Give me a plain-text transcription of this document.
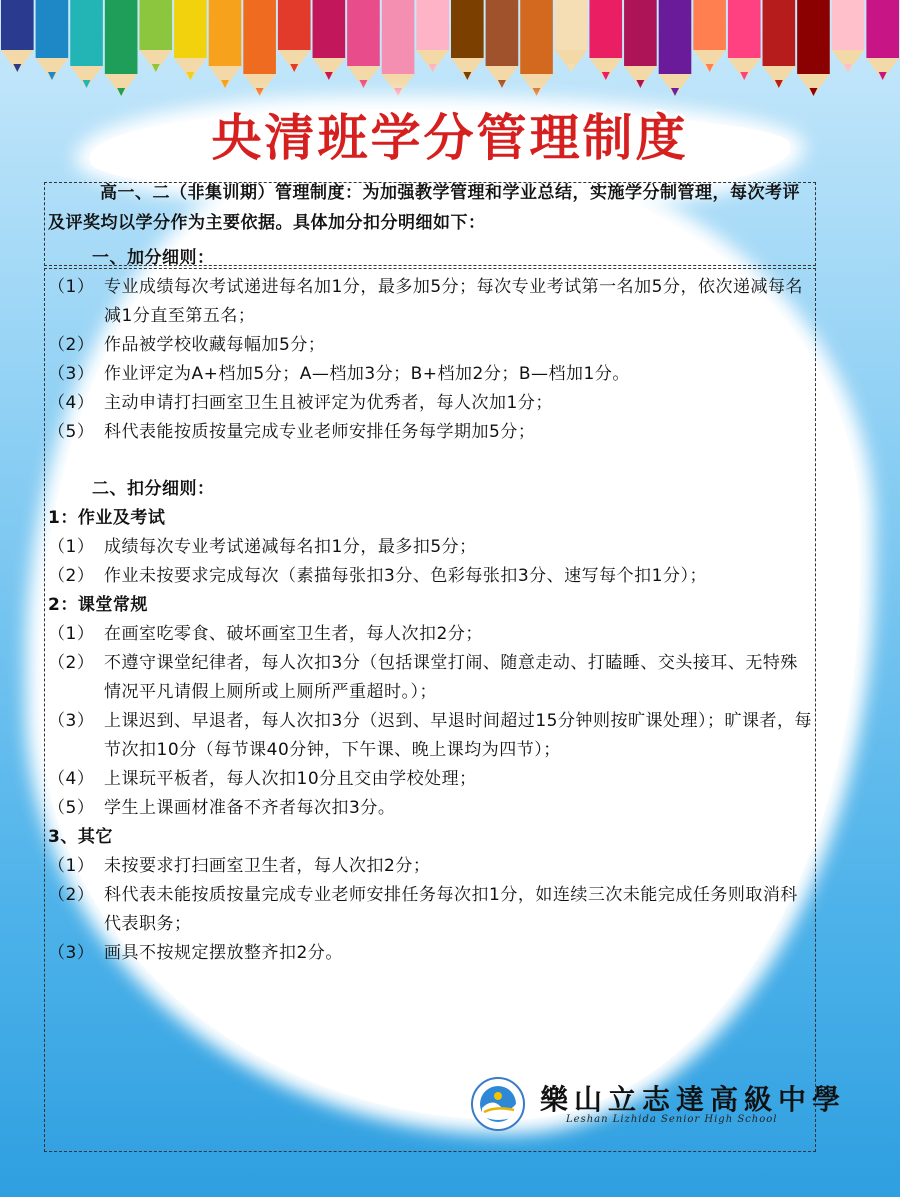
央清班学分管理制度

高一、二（非集训期）管理制度：为加强教学管理和学业总结，实施学分制管理，每次考评及评奖均以学分作为主要依据。具体加分扣分明细如下：

一、加分细则：

（1） 专业成绩每次考试递进每名加1分，最多加5分；每次专业考试第一名加5分，依次递减每名减1分直至第五名；
（2） 作品被学校收藏每幅加5分；
（3） 作业评定为A+档加5分；A—档加3分；B+档加2分；B—档加1分。
（4） 主动申请打扫画室卫生且被评定为优秀者，每人次加1分；
（5） 科代表能按质按量完成专业老师安排任务每学期加5分；

二、扣分细则：

1：作业及考试

（1） 成绩每次专业考试递减每名扣1分，最多扣5分；
（2） 作业未按要求完成每次（素描每张扣3分、色彩每张扣3分、速写每个扣1分）；

2：课堂常规

（1） 在画室吃零食、破坏画室卫生者，每人次扣2分；
（2） 不遵守课堂纪律者，每人次扣3分（包括课堂打闹、随意走动、打瞌睡、交头接耳、无特殊情况平凡请假上厕所或上厕所严重超时。）；
（3） 上课迟到、早退者，每人次扣3分（迟到、早退时间超过15分钟则按旷课处理）；旷课者，每节次扣10分（每节课40分钟，下午课、晚上课均为四节）；
（4） 上课玩平板者，每人次扣10分且交由学校处理；
（5） 学生上课画材准备不齐者每次扣3分。

3、其它

（1） 未按要求打扫画室卫生者，每人次扣2分；
（2） 科代表未能按质按量完成专业老师安排任务每次扣1分，如连续三次未能完成任务则取消科代表职务；
（3） 画具不按规定摆放整齐扣2分。
樂山立志達高級中學
Leshan Lizhida Senior High School
